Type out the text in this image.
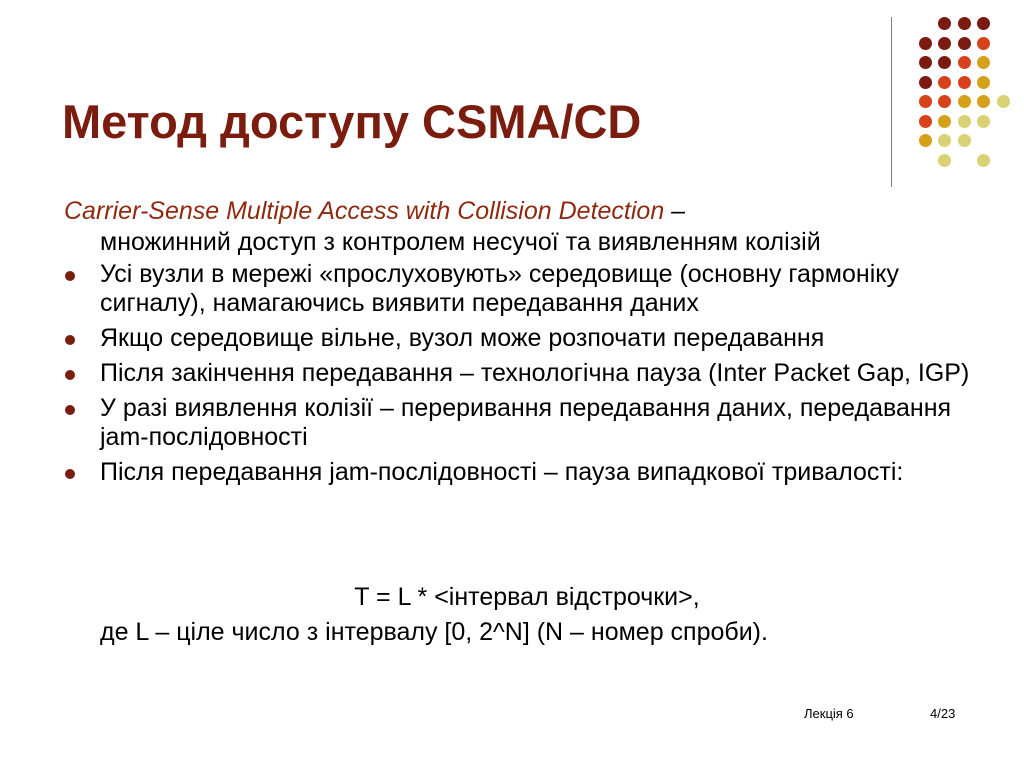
Метод доступу CSMA/CD

Carrier-Sense Multiple Access with Collision Detection –
множинний доступ з контролем несучої та виявленням колізій

Усі вузли в мережі «прослуховують» середовище (основну гармоніку сигналу), намагаючись виявити передавання даних
Якщо середовище вільне, вузол може розпочати передавання
Після закінчення передавання – технологічна пауза (Inter Packet Gap, IGP)
У разі виявлення колізії – переривання передавання даних, передавання jam-послідовності
Після передавання jam-послідовності – пауза випадкової тривалості:

T = L * <інтервал відстрочки>,

де L – ціле число з інтервалу [0, 2^N] (N – номер спроби).

Лекція 6	4/23
